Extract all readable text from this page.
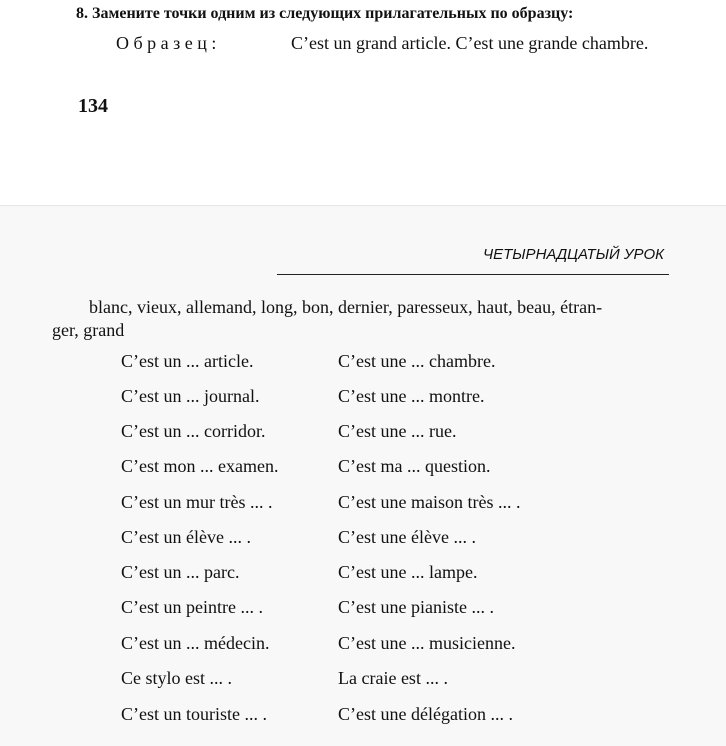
8. Замените точки одним из следующих прилагательных по образцу:
Образец:	C’est un grand article. C’est une grande chambre.
134
ЧЕТЫРНАДЦАТЫЙ УРОК
blanc, vieux, allemand, long, bon, dernier, paresseux, haut, beau, étran-
ger, grand
C’est un ... article.	C’est une ... chambre.
C’est un ... journal.	C’est une ... montre.
C’est un ... corridor.	C’est une ... rue.
C’est mon ... examen.	C’est ma ... question.
C’est un mur très ... .	C’est une maison très ... .
C’est un élève ... .	C’est une élève ... .
C’est un ... parc.	C’est une ... lampe.
C’est un peintre ... .	C’est une pianiste ... .
C’est un ... médecin.	C’est une ... musicienne.
Ce stylo est ... .	La craie est ... .
C’est un touriste ... .	C’est une délégation ... .
